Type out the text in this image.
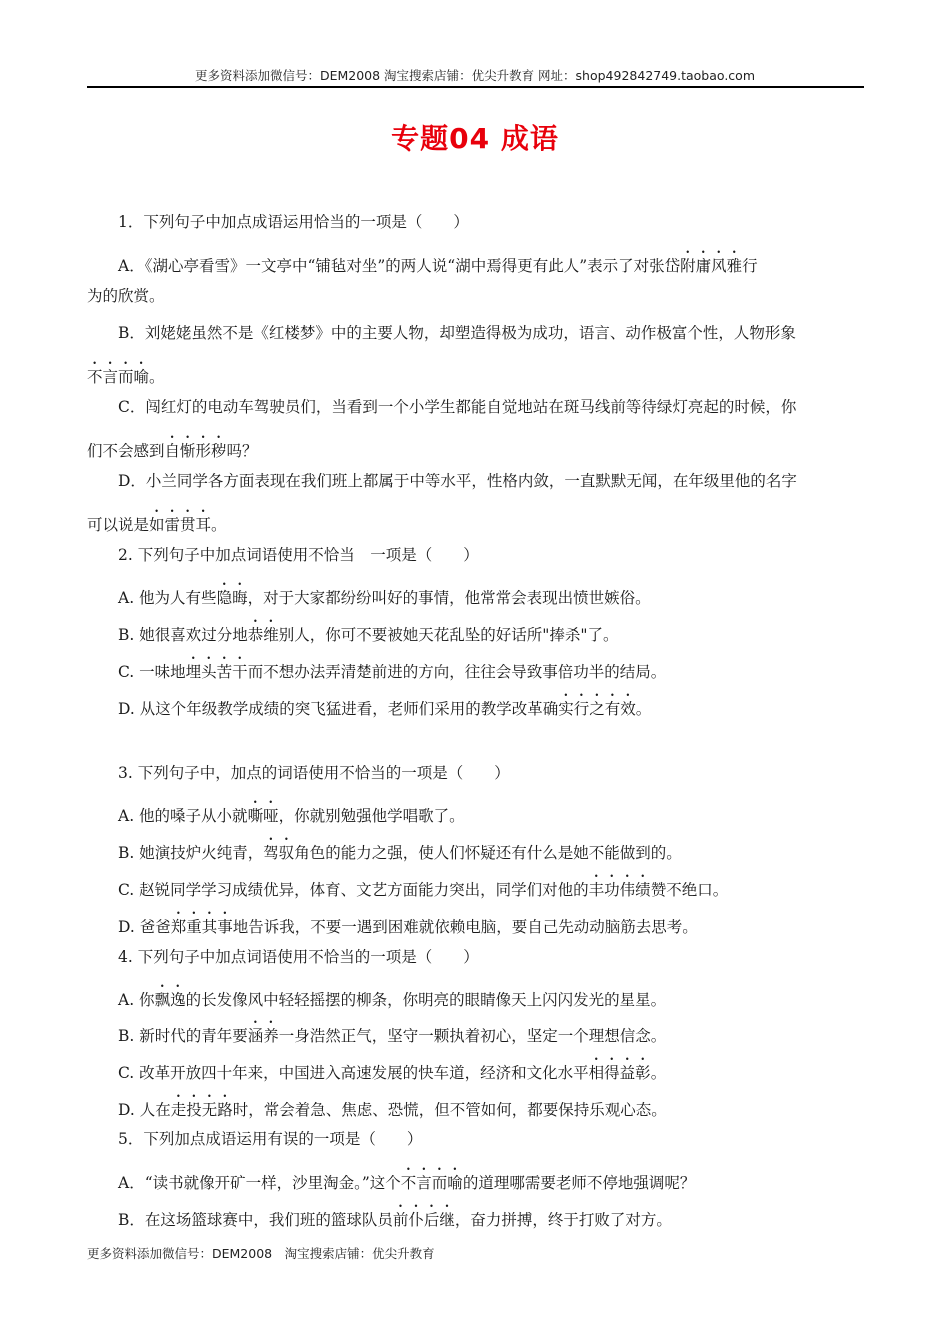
更多资料添加微信号：DEM2008 淘宝搜索店铺：优尖升教育 网址：shop492842749.taobao.com
专题04 成语
1．下列句子中加点成语运用恰当的一项是（　　）
A．《湖心亭看雪》一文亭中“铺毡对坐”的两人说“湖中焉得更有此人”表示了对张岱附庸风雅行
为的欣赏。
B．刘姥姥虽然不是《红楼梦》中的主要人物，却塑造得极为成功，语言、动作极富个性，人物形象
不言而喻。
C．闯红灯的电动车驾驶员们，当看到一个小学生都能自觉地站在斑马线前等待绿灯亮起的时候，你
们不会感到自惭形秽吗？
D．小兰同学各方面表现在我们班上都属于中等水平，性格内敛，一直默默无闻，在年级里他的名字
可以说是如雷贯耳。
2. 下列句子中加点词语使用不恰当　一项是（　　）
A. 他为人有些隐晦，对于大家都纷纷叫好的事情，他常常会表现出愤世嫉俗。
B. 她很喜欢过分地恭维别人，你可不要被她天花乱坠的好话所"捧杀"了。
C. 一味地埋头苦干而不想办法弄清楚前进的方向，往往会导致事倍功半的结局。
D. 从这个年级教学成绩的突飞猛进看，老师们采用的教学改革确实行之有效。
3. 下列句子中，加点的词语使用不恰当的一项是（　　）
A. 他的嗓子从小就嘶哑，你就别勉强他学唱歌了。
B. 她演技炉火纯青，驾驭角色的能力之强，使人们怀疑还有什么是她不能做到的。
C. 赵锐同学学习成绩优异，体育、文艺方面能力突出，同学们对他的丰功伟绩赞不绝口。
D. 爸爸郑重其事地告诉我，不要一遇到困难就依赖电脑，要自己先动动脑筋去思考。
4. 下列句子中加点词语使用不恰当的一项是（　　）
A. 你飘逸的长发像风中轻轻摇摆的柳条，你明亮的眼睛像天上闪闪发光的星星。
B. 新时代的青年要涵养一身浩然正气，坚守一颗执着初心，坚定一个理想信念。
C. 改革开放四十年来，中国进入高速发展的快车道，经济和文化水平相得益彰。
D. 人在走投无路时，常会着急、焦虑、恐慌，但不管如何，都要保持乐观心态。
5．下列加点成语运用有误的一项是（　　）
A．“读书就像开矿一样，沙里淘金。”这个不言而喻的道理哪需要老师不停地强调呢？
B．在这场篮球赛中，我们班的篮球队员前仆后继，奋力拼搏，终于打败了对方。
更多资料添加微信号：DEM2008　淘宝搜索店铺：优尖升教育
